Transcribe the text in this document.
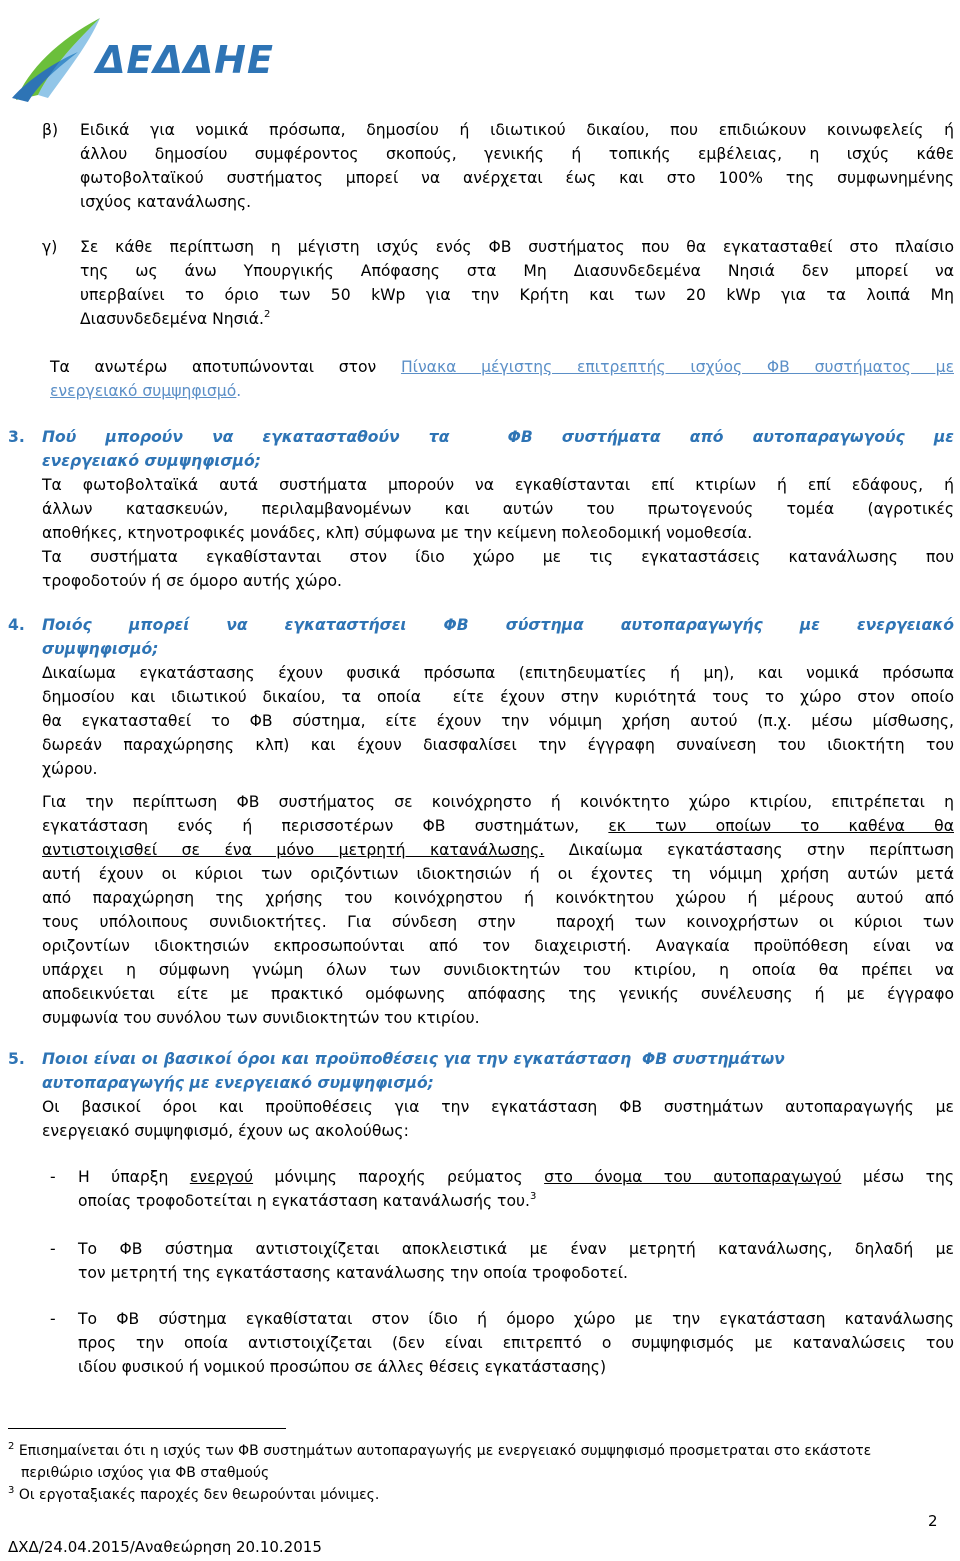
ΔΕΔΔΗΕ
β) Ειδικά για νομικά πρόσωπα, δημοσίου ή ιδιωτικού δικαίου, που επιδιώκουν κοινωφελείς ή
άλλου δημοσίου συμφέροντος σκοπούς, γενικής ή τοπικής εμβέλειας, η ισχύς κάθε
φωτοβολταϊκού συστήματος μπορεί να ανέρχεται έως και στο 100% της συμφωνημένης
ισχύος κατανάλωσης.
γ) Σε κάθε περίπτωση η μέγιστη ισχύς ενός ΦΒ συστήματος που θα εγκατασταθεί στο πλαίσιο
της ως άνω Υπουργικής Απόφασης στα Μη Διασυνδεδεμένα Νησιά δεν μπορεί να
υπερβαίνει το όριο των 50 kWp για την Κρήτη και των 20 kWp για τα λοιπά Μη
Διασυνδεδεμένα Νησιά.$^2$
Τα ανωτέρω αποτυπώνονται στον Πίνακα μέγιστης επιτρεπτής ισχύος ΦΒ συστήματος με
ενεργειακό συμψηφισμό.
3. Πού μπορούν να εγκατασταθούν τα  ΦΒ συστήματα από αυτοπαραγωγούς με
ενεργειακό συμψηφισμό;
Τα φωτοβολταϊκά αυτά συστήματα μπορούν να εγκαθίστανται επί κτιρίων ή επί εδάφους, ή
άλλων κατασκευών, περιλαμβανομένων και αυτών του πρωτογενούς τομέα (αγροτικές
αποθήκες, κτηνοτροφικές μονάδες, κλπ) σύμφωνα με την κείμενη πολεοδομική νομοθεσία.
Τα συστήματα εγκαθίστανται στον ίδιο χώρο με τις εγκαταστάσεις κατανάλωσης που
τροφοδοτούν ή σε όμορο αυτής χώρο.
4. Ποιός μπορεί να εγκαταστήσει ΦΒ σύστημα αυτοπαραγωγής με ενεργειακό
συμψηφισμό;
Δικαίωμα εγκατάστασης έχουν φυσικά πρόσωπα (επιτηδευματίες ή μη), και νομικά πρόσωπα
δημοσίου και ιδιωτικού δικαίου, τα οποία  είτε έχουν στην κυριότητά τους το χώρο στον οποίο
θα εγκατασταθεί το ΦΒ σύστημα, είτε έχουν την νόμιμη χρήση αυτού (π.χ. μέσω μίσθωσης,
δωρεάν παραχώρησης κλπ) και έχουν διασφαλίσει την έγγραφη συναίνεση του ιδιοκτήτη του
χώρου.
Για την περίπτωση ΦΒ συστήματος σε κοινόχρηστο ή κοινόκτητο χώρο κτιρίου, επιτρέπεται η
εγκατάσταση ενός ή περισσοτέρων ΦΒ συστημάτων, εκ των οποίων το καθένα θα
αντιστοιχισθεί σε ένα μόνο μετρητή κατανάλωσης. Δικαίωμα εγκατάστασης στην περίπτωση
αυτή έχουν οι κύριοι των οριζόντιων ιδιοκτησιών ή οι έχοντες τη νόμιμη χρήση αυτών μετά
από παραχώρηση της χρήσης του κοινόχρηστου ή κοινόκτητου χώρου ή μέρους αυτού από
τους υπόλοιπους συνιδιοκτήτες. Για σύνδεση στην  παροχή των κοινοχρήστων οι κύριοι των
οριζοντίων ιδιοκτησιών εκπροσωπούνται από τον διαχειριστή. Αναγκαία προϋπόθεση είναι να
υπάρχει η σύμφωνη γνώμη όλων των συνιδιοκτητών του κτιρίου, η οποία θα πρέπει να
αποδεικνύεται είτε με πρακτικό ομόφωνης απόφασης της γενικής συνέλευσης ή με έγγραφο
συμφωνία του συνόλου των συνιδιοκτητών του κτιρίου.
5. Ποιοι είναι οι βασικοί όροι και προϋποθέσεις για την εγκατάσταση  ΦΒ συστημάτων
αυτοπαραγωγής με ενεργειακό συμψηφισμό;
Οι βασικοί όροι και προϋποθέσεις για την εγκατάσταση ΦΒ συστημάτων αυτοπαραγωγής με
ενεργειακό συμψηφισμό, έχουν ως ακολούθως:
- Η ύπαρξη ενεργού μόνιμης παροχής ρεύματος στο όνομα του αυτοπαραγωγού μέσω της
οποίας τροφοδοτείται η εγκατάσταση κατανάλωσής του.$^3$
- Το ΦΒ σύστημα αντιστοιχίζεται αποκλειστικά με έναν μετρητή κατανάλωσης, δηλαδή με
τον μετρητή της εγκατάστασης κατανάλωσης την οποία τροφοδοτεί.
- Το ΦΒ σύστημα εγκαθίσταται στον ίδιο ή όμορο χώρο με την εγκατάσταση κατανάλωσης
προς την οποία αντιστοιχίζεται (δεν είναι επιτρεπτό ο συμψηφισμός με καταναλώσεις του
ιδίου φυσικού ή νομικού προσώπου σε άλλες θέσεις εγκατάστασης)
$^2$ Επισημαίνεται ότι η ισχύς των ΦΒ συστημάτων αυτοπαραγωγής με ενεργειακό συμψηφισμό προσμετραται στο εκάστοτε
περιθώριο ισχύος για ΦΒ σταθμούς
$^3$ Οι εργοταξιακές παροχές δεν θεωρούνται μόνιμες.
2
ΔΧΔ/24.04.2015/Αναθεώρηση 20.10.2015
